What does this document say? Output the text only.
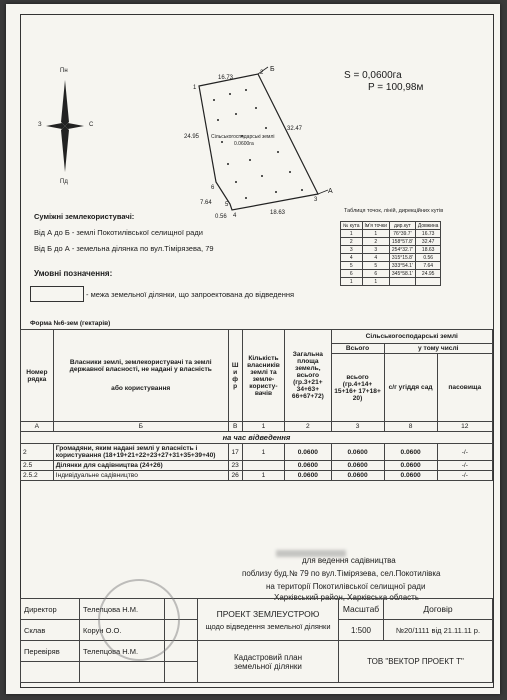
S = 0,0600га
P = 100,98м
Пн
Пд
З	С
1
2
3
4
5
6
Б
А
16.73
32.47
24.95
18.63
7.64
0.56
Сільськогосподарські землі
0.0600га
Суміжні землекористувачі:
Від А до Б - землі Покотилівської селищної ради
Від Б до А - земельна ділянка по вул.Тімірязева, 79
Умовні позначення:
- межа земельної ділянки, що запроектована до відведення
Таблиця точок, ліній, дирекційних кутів
№ кута	Ім'я точки	дир.кут	Довжина
1	1	76°39.7'	16.73
2	2	158°57.8'	32.47
3	3	254°32.7'	18.63
4	4	315°15.8'	0.56
5	5	333°54.1'	7.64
6	6	345°58.1'	24.95
1	1		
Форма №6-зем (гектарів)
Номер рядка	Власники землі, землекористувачі та землі державної власності, не надані у власність
або користування	Ш и ф р	Кількість власників землі та земле- користу- вачів	Загальна площа земель, всього (гр.3+21+ 34+63+ 66+67+72)	Сільськогосподарські землі		
					Всього	у тому числі	
					всього (гр.4+14+ 15+16+ 17+18+ 20)	с/г угіддя сад	пасовища
А	Б	В	1	2	3	8	12
на час відведення							
2	Громадяни, яким надані землі у власність і користування (18+19+21+22+23+27+31+35+39+40)	17	1	0.0600	0.0600	0.0600	-/-
2.5	Ділянки для садівництва (24+26)	23		0.0600	0.0600	0.0600	-/-
2.5.2	Індивідуальне садівництво	26	1	0.0600	0.0600	0.0600	-/-
для ведення садівництва
поблизу буд.№ 79 по вул.Тімірязева, сел.Покотилівка
на території Покотилівської селищної ради
Харківський район, Харківська область
Директор	Телепцова Н.М.		ПРОЕКТ ЗЕМЛЕУСТРОЮ
щодо відведення земельної ділянки	Масштаб	Договір
Склав	Корун О.О.			1:500	№20/1111 від 21.11.11 р.
Перевіряв	Телепцова Н.М.		Кадастровий план
земельної ділянки	ТОВ "ВЕКТОР ПРОЕКТ Т"	
